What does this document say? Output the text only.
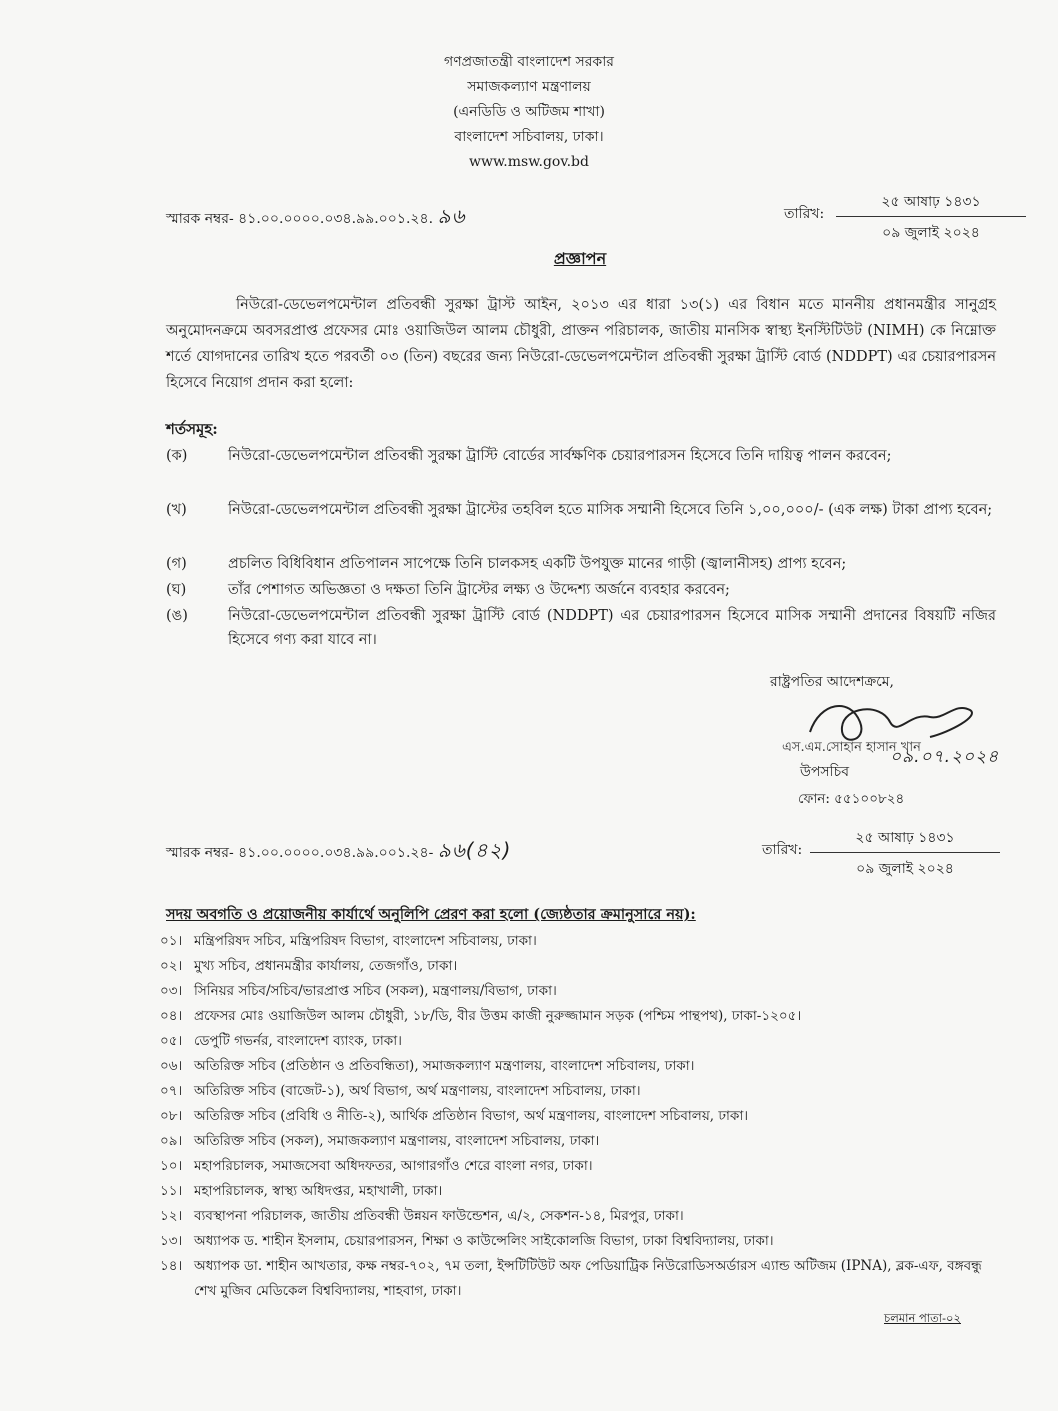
গণপ্রজাতন্ত্রী বাংলাদেশ সরকার
সমাজকল্যাণ মন্ত্রণালয়
(এনডিডি ও অটিজম শাখা)
বাংলাদেশ সচিবালয়, ঢাকা।
www.msw.gov.bd
স্মারক নম্বর- ৪১.০০.০০০০.০৩৪.৯৯.০০১.২৪. ৯৬	তারিখ:
২৫ আষাঢ় ১৪৩১
০৯ জুলাই ২০২৪
প্রজ্ঞাপন
নিউরো-ডেভেলপমেন্টাল প্রতিবন্ধী সুরক্ষা ট্রাস্ট আইন, ২০১৩ এর ধারা ১৩(১) এর বিধান মতে মাননীয় প্রধানমন্ত্রীর সানুগ্রহ অনুমোদনক্রমে অবসরপ্রাপ্ত প্রফেসর মোঃ ওয়াজিউল আলম চৌধুরী, প্রাক্তন পরিচালক, জাতীয় মানসিক স্বাস্থ্য ইনস্টিটিউট (NIMH) কে নিম্নোক্ত শর্তে যোগদানের তারিখ হতে পরবর্তী ০৩ (তিন) বছরের জন্য নিউরো-ডেভেলপমেন্টাল প্রতিবন্ধী সুরক্ষা ট্রাস্টি বোর্ড (NDDPT) এর চেয়ারপারসন হিসেবে নিয়োগ প্রদান করা হলো:
শর্তসমূহ:
(ক)	নিউরো-ডেভেলপমেন্টাল প্রতিবন্ধী সুরক্ষা ট্রাস্টি বোর্ডের সার্বক্ষণিক চেয়ারপারসন হিসেবে তিনি দায়িত্ব পালন করবেন;
(খ)	নিউরো-ডেভেলপমেন্টাল প্রতিবন্ধী সুরক্ষা ট্রাস্টের তহবিল হতে মাসিক সম্মানী হিসেবে তিনি ১,০০,০০০/- (এক লক্ষ) টাকা প্রাপ্য হবেন;
(গ)	প্রচলিত বিধিবিধান প্রতিপালন সাপেক্ষে তিনি চালকসহ একটি উপযুক্ত মানের গাড়ী (জ্বালানীসহ) প্রাপ্য হবেন;
(ঘ)	তাঁর পেশাগত অভিজ্ঞতা ও দক্ষতা তিনি ট্রাস্টের লক্ষ্য ও উদ্দেশ্য অর্জনে ব্যবহার করবেন;
(ঙ)	নিউরো-ডেভেলপমেন্টাল প্রতিবন্ধী সুরক্ষা ট্রাস্টি বোর্ড (NDDPT) এর চেয়ারপারসন হিসেবে মাসিক সম্মানী প্রদানের বিষয়টি নজির হিসেবে গণ্য করা যাবে না।
রাষ্ট্রপতির আদেশক্রমে,
এস.এম.সোহান হাসান খান
০৯.০৭.২০২৪
উপসচিব
ফোন: ৫৫১০০৮২৪
স্মারক নম্বর- ৪১.০০.০০০০.০৩৪.৯৯.০০১.২৪- ৯৬(৪২)	তারিখ:
২৫ আষাঢ় ১৪৩১
০৯ জুলাই ২০২৪
সদয় অবগতি ও প্রয়োজনীয় কার্যার্থে অনুলিপি প্রেরণ করা হলো (জ্যেষ্ঠতার ক্রমানুসারে নয়):
০১। মন্ত্রিপরিষদ সচিব, মন্ত্রিপরিষদ বিভাগ, বাংলাদেশ সচিবালয়, ঢাকা।
০২। মুখ্য সচিব, প্রধানমন্ত্রীর কার্যালয়, তেজগাঁও, ঢাকা।
০৩। সিনিয়র সচিব/সচিব/ভারপ্রাপ্ত সচিব (সকল), মন্ত্রণালয়/বিভাগ, ঢাকা।
০৪। প্রফেসর মোঃ ওয়াজিউল আলম চৌধুরী, ১৮/ডি, বীর উত্তম কাজী নুরুজ্জামান সড়ক (পশ্চিম পান্থপথ), ঢাকা-১২০৫।
০৫। ডেপুটি গভর্নর, বাংলাদেশ ব্যাংক, ঢাকা।
০৬। অতিরিক্ত সচিব (প্রতিষ্ঠান ও প্রতিবন্ধিতা), সমাজকল্যাণ মন্ত্রণালয়, বাংলাদেশ সচিবালয়, ঢাকা।
০৭। অতিরিক্ত সচিব (বাজেট-১), অর্থ বিভাগ, অর্থ মন্ত্রণালয়, বাংলাদেশ সচিবালয়, ঢাকা।
০৮। অতিরিক্ত সচিব (প্রবিধি ও নীতি-২), আর্থিক প্রতিষ্ঠান বিভাগ, অর্থ মন্ত্রণালয়, বাংলাদেশ সচিবালয়, ঢাকা।
০৯। অতিরিক্ত সচিব (সকল), সমাজকল্যাণ মন্ত্রণালয়, বাংলাদেশ সচিবালয়, ঢাকা।
১০। মহাপরিচালক, সমাজসেবা অধিদফতর, আগারগাঁও শেরে বাংলা নগর, ঢাকা।
১১। মহাপরিচালক, স্বাস্থ্য অধিদপ্তর, মহাখালী, ঢাকা।
১২। ব্যবস্থাপনা পরিচালক, জাতীয় প্রতিবন্ধী উন্নয়ন ফাউন্ডেশন, এ/২, সেকশন-১৪, মিরপুর, ঢাকা।
১৩। অধ্যাপক ড. শাহীন ইসলাম, চেয়ারপারসন, শিক্ষা ও কাউন্সেলিং সাইকোলজি বিভাগ, ঢাকা বিশ্ববিদ্যালয়, ঢাকা।
১৪। অধ্যাপক ডা. শাহীন আখতার, কক্ষ নম্বর-৭০২, ৭ম তলা, ইন্সটিটিউট অফ পেডিয়াট্রিক নিউরোডিসঅর্ডারস এ্যান্ড অটিজম (IPNA), ব্লক-এফ, বঙ্গবন্ধু শেখ মুজিব মেডিকেল বিশ্ববিদ্যালয়, শাহবাগ, ঢাকা।
চলমান পাতা-০২
